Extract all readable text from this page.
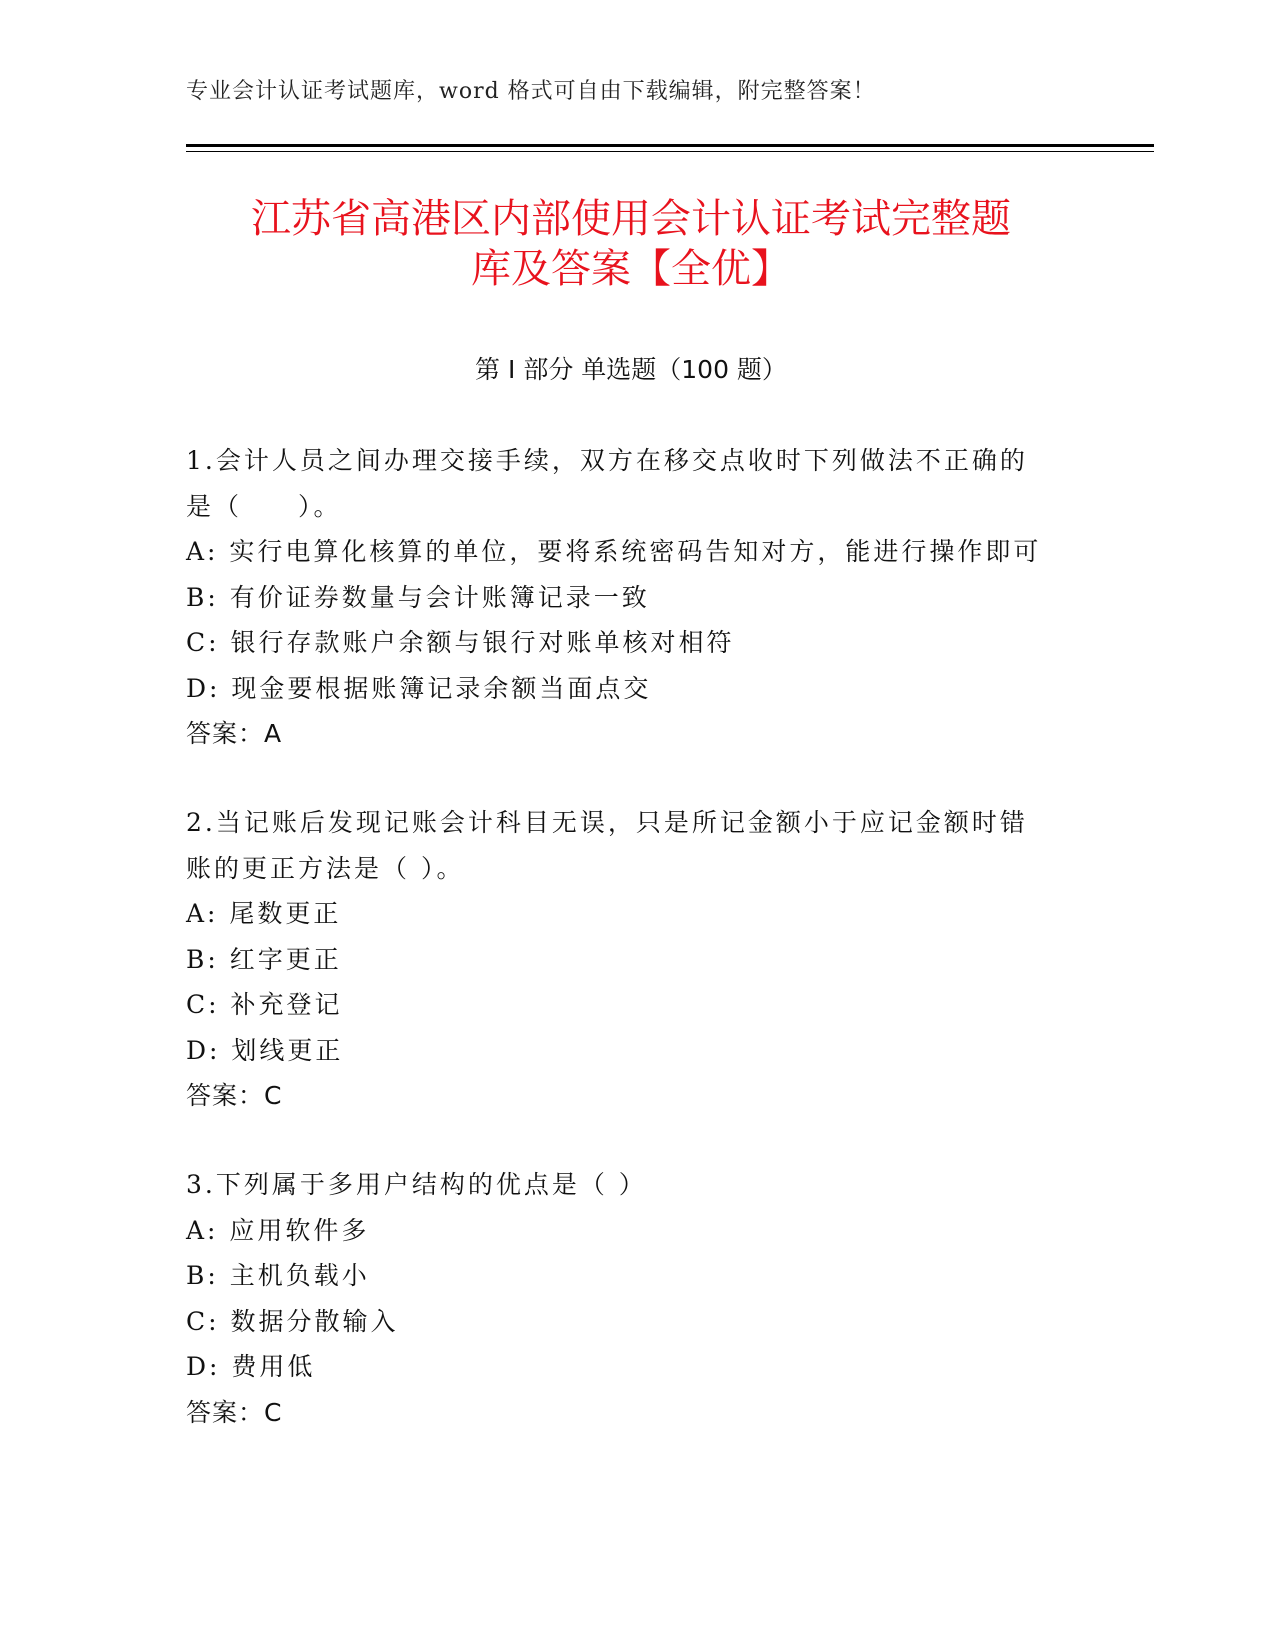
专业会计认证考试题库，word 格式可自由下载编辑，附完整答案！
江苏省高港区内部使用会计认证考试完整题
库及答案【全优】
第 I 部分 单选题（100 题）
1.会计人员之间办理交接手续，双方在移交点收时下列做法不正确的
是（　　）。
A: 实行电算化核算的单位，要将系统密码告知对方，能进行操作即可
B: 有价证券数量与会计账簿记录一致
C: 银行存款账户余额与银行对账单核对相符
D: 现金要根据账簿记录余额当面点交
答案：A
2.当记账后发现记账会计科目无误，只是所记金额小于应记金额时错
账的更正方法是（ ）。
A: 尾数更正
B: 红字更正
C: 补充登记
D: 划线更正
答案：C
3.下列属于多用户结构的优点是（ ）
A: 应用软件多
B: 主机负载小
C: 数据分散输入
D: 费用低
答案：C
